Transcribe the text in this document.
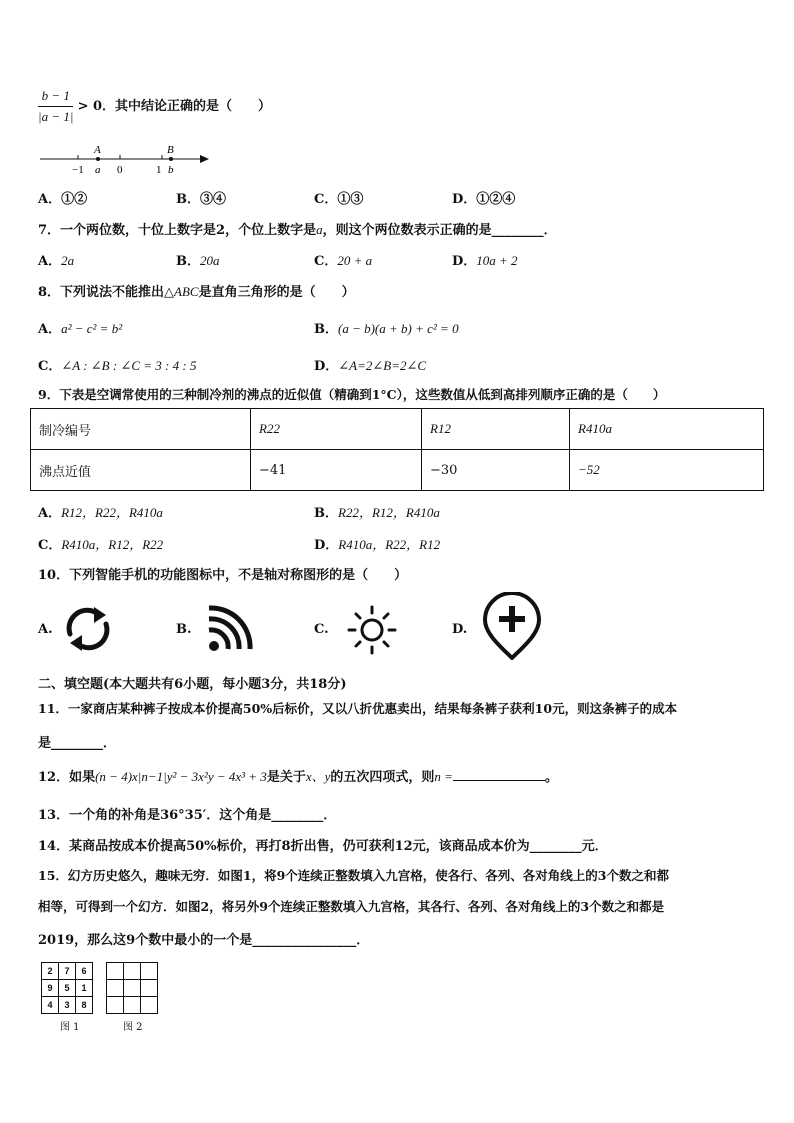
$\frac{b - 1}{|a - 1|} > 0$．其中结论正确的是（　　）
A	B
−1 a 0	1 b
A．①②	B．③④	C．①③	D．①②④
7．一个两位数，十位上数字是2，个位上数字是a，则这个两位数表示正确的是________．
A．2a	B．20a	C．20 + a	D．10a + 2
8．下列说法不能推出△ABC是直角三角形的是（　　）
A．a² − c² = b²	B．(a − b)(a + b) + c² = 0
C．∠A : ∠B : ∠C = 3 : 4 : 5	D．∠A=2∠B=2∠C
9．下表是空调常使用的三种制冷剂的沸点的近似值（精确到1°C），这些数值从低到高排列顺序正确的是（　　）
制冷编号	R22	R12	R410a
沸点近值	−41	−30	−52
A．R12，R22，R410a	B．R22，R12，R410a
C．R410a，R12，R22	D．R410a，R22，R12
10．下列智能手机的功能图标中，不是轴对称图形的是（　　）
A.	B.	C.	D.
二、填空题(本大题共有6小题，每小题3分，共18分)
11．一家商店某种裤子按成本价提高50%后标价，又以八折优惠卖出，结果每条裤子获利10元，则这条裤子的成本
是________．
12．如果(n − 4)x|n−1|y² − 3x²y − 4x³ + 3是关于x、y的五次四项式，则n =	。
13．一个角的补角是36°35′．这个角是________．
14．某商品按成本价提高50%标价，再打8折出售，仍可获利12元，该商品成本价为________元．
15．幻方历史悠久，趣味无穷．如图1，将9个连续正整数填入九宫格，使各行、各列、各对角线上的3个数之和都
相等，可得到一个幻方．如图2，将另外9个连续正整数填入九宫格，其各行、各列、各对角线上的3个数之和都是
2019，那么这9个数中最小的一个是________________．
2	7	6
9	5	1
4	3	8
图 1

			图 2
